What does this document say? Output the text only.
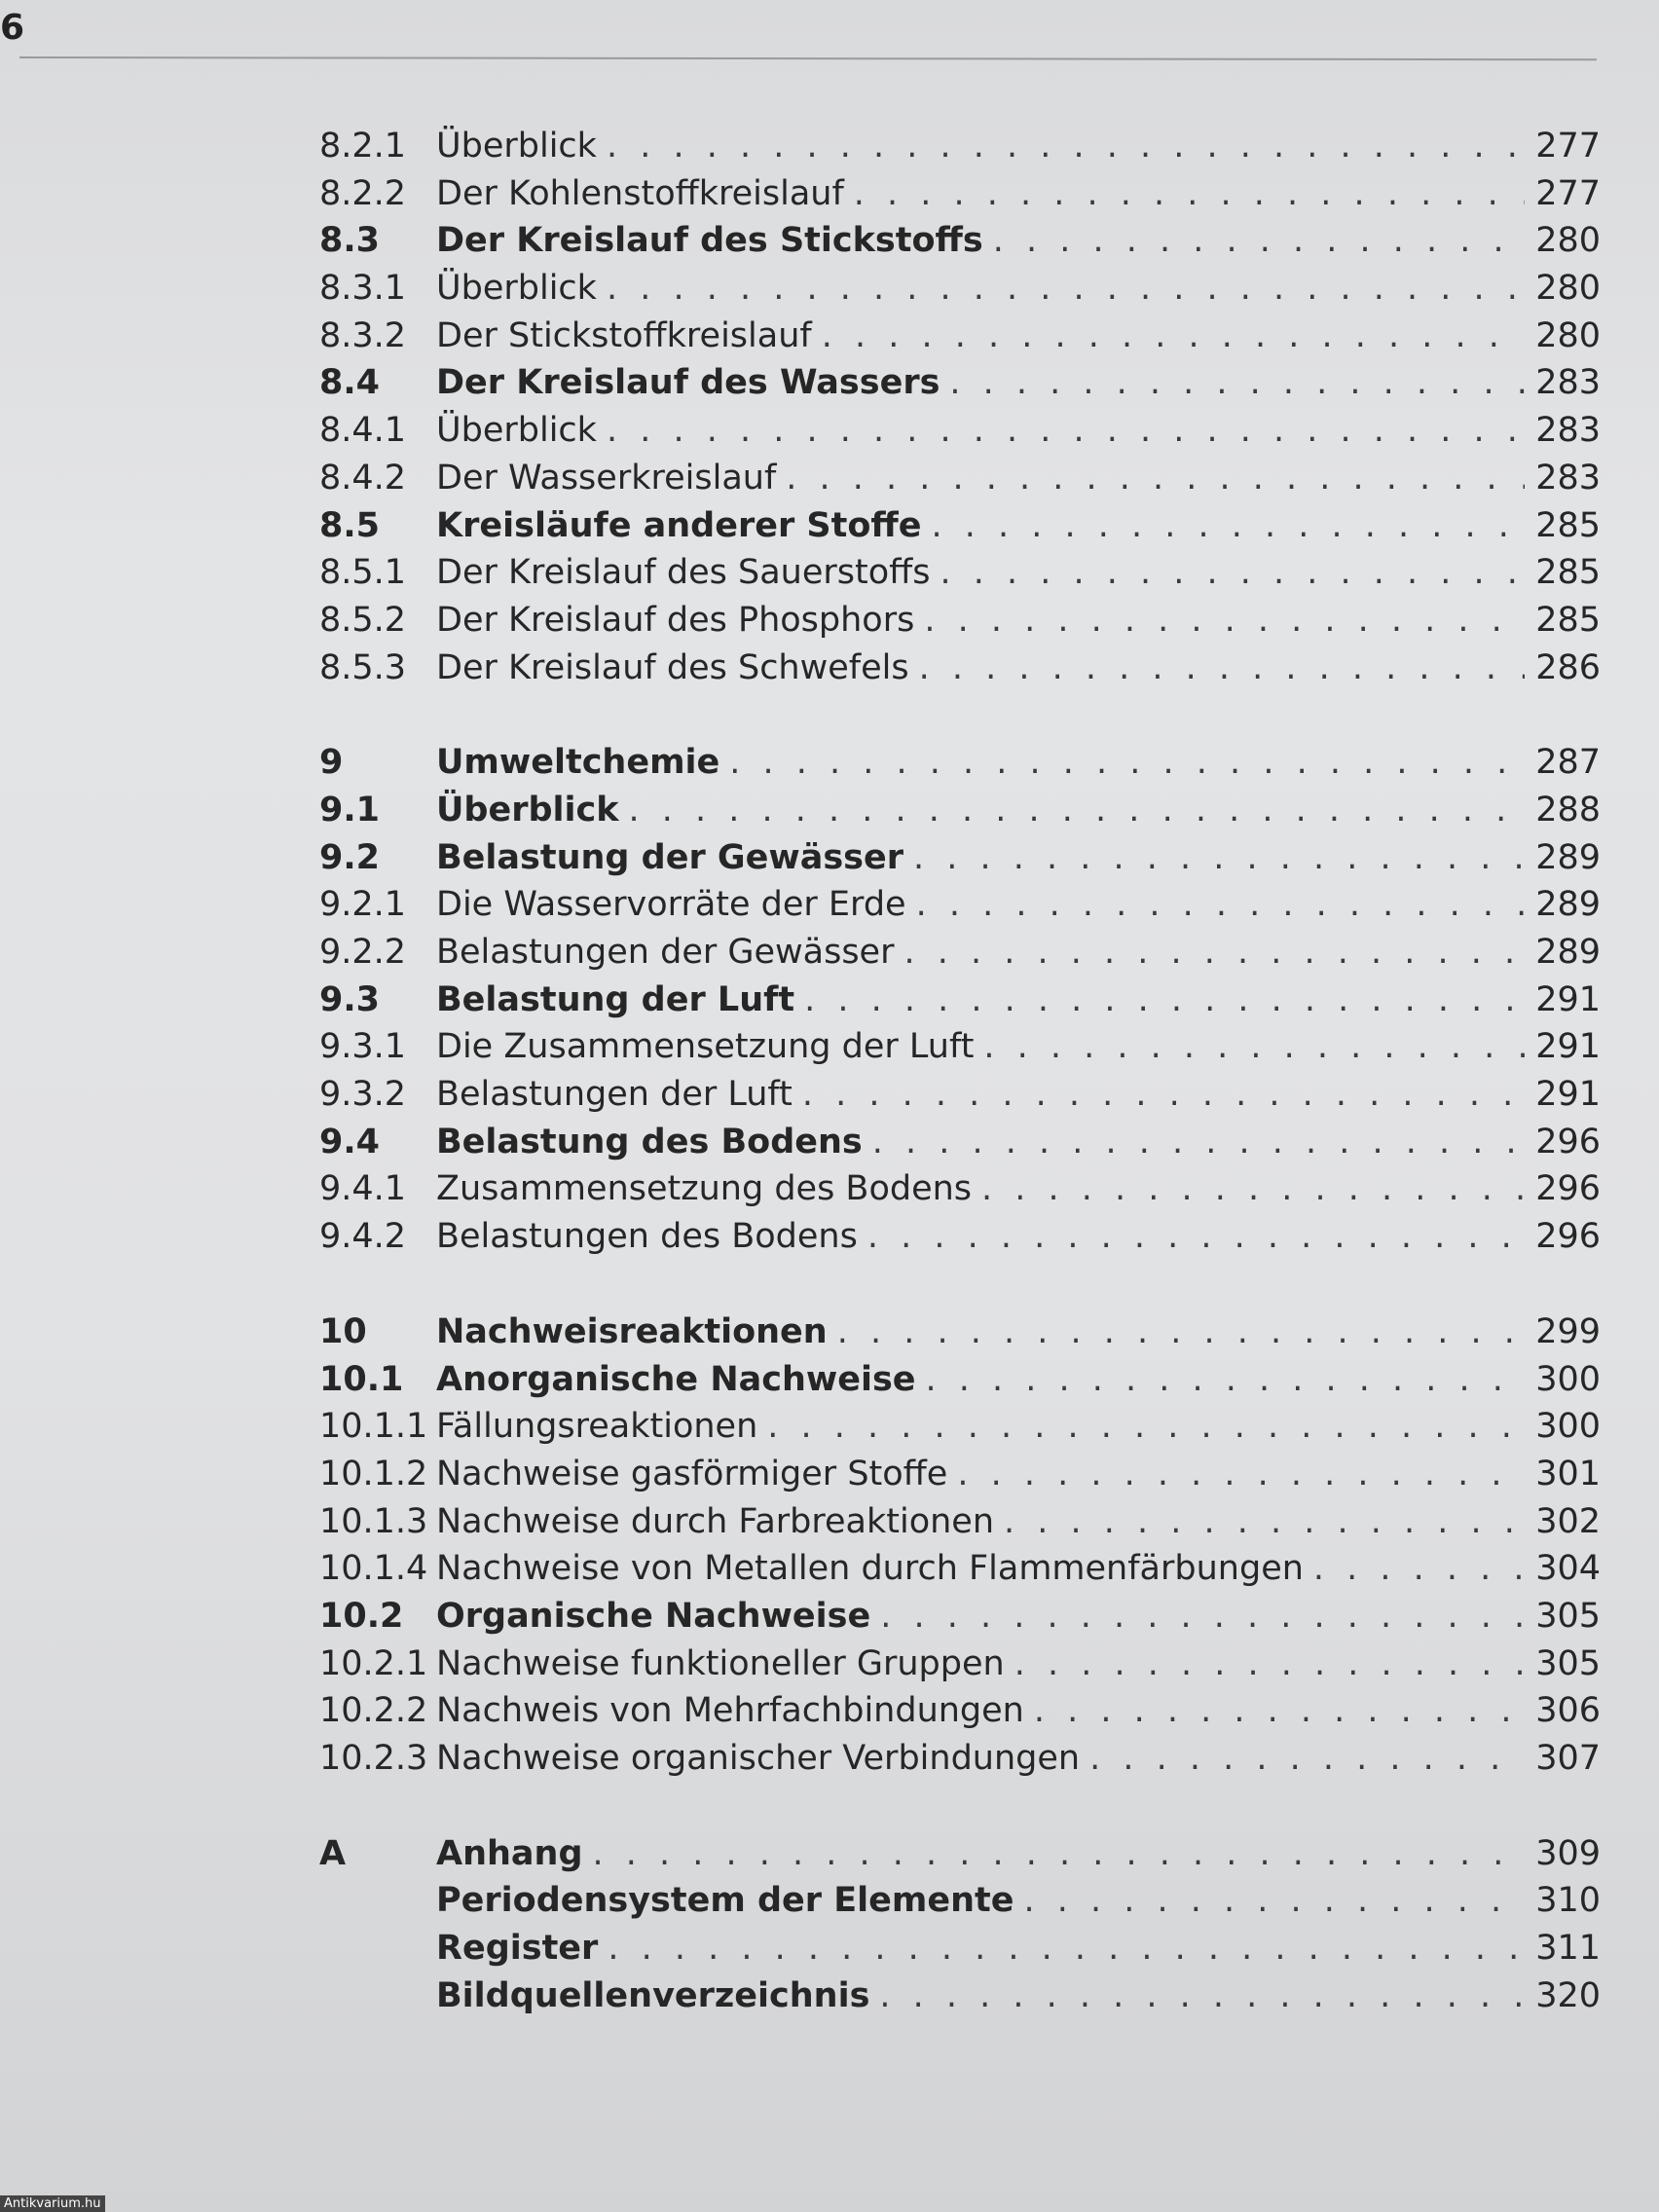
6
8.2.1 Überblick . . .	277
8.2.2 Der Kohlenstoffkreislauf . . .	277
8.3	Der Kreislauf des Stickstoffs . . .	280
8.3.1 Überblick . . .	280
8.3.2 Der Stickstoffkreislauf . . .	280
8.4	Der Kreislauf des Wassers . . .	283
8.4.1 Überblick . . .	283
8.4.2 Der Wasserkreislauf . . .	283
8.5	Kreisläufe anderer Stoffe . . .	285
8.5.1 Der Kreislauf des Sauerstoffs . . .	285
8.5.2 Der Kreislauf des Phosphors . . .	285
8.5.3 Der Kreislauf des Schwefels . . .	286
9	Umweltchemie . . .	287
9.1	Überblick . . .	288
9.2	Belastung der Gewässer . . .	289
9.2.1 Die Wasservorräte der Erde . . .	289
9.2.2 Belastungen der Gewässer . . .	289
9.3	Belastung der Luft . . .	291
9.3.1 Die Zusammensetzung der Luft . . .	291
9.3.2 Belastungen der Luft . . .	291
9.4	Belastung des Bodens . . .	296
9.4.1 Zusammensetzung des Bodens . . .	296
9.4.2 Belastungen des Bodens . . .	296
10	Nachweisreaktionen . . .	299
10.1 Anorganische Nachweise . . .	300
10.1.1 Fällungsreaktionen . . .	300
10.1.2 Nachweise gasförmiger Stoffe . . .	301
10.1.3 Nachweise durch Farbreaktionen . . .	302
10.1.4 Nachweise von Metallen durch Flammenfärbungen . . .	304
10.2 Organische Nachweise . . .	305
10.2.1 Nachweise funktioneller Gruppen . . .	305
10.2.2 Nachweis von Mehrfachbindungen . . .	306
10.2.3 Nachweise organischer Verbindungen . . .	307
A	Anhang . . .	309
Periodensystem der Elemente . . .	310
Register . . .	311
Bildquellenverzeichnis . . .	320
Antikvarium.hu
